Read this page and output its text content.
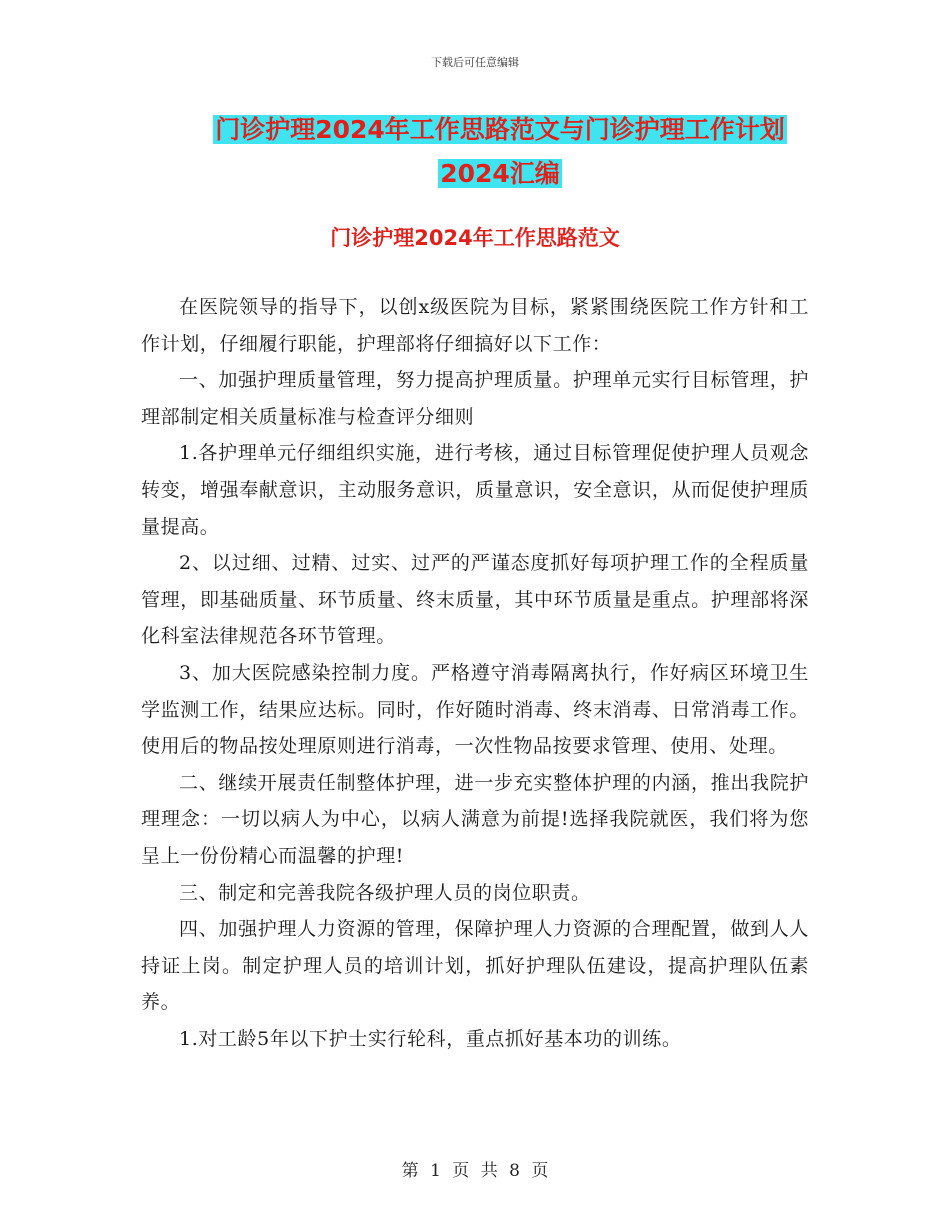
下载后可任意编辑
门诊护理2024年工作思路范文与门诊护理工作计划
2024汇编
门诊护理2024年工作思路范文

在医院领导的指导下，以创x级医院为目标，紧紧围绕医院工作方针和工作计划，仔细履行职能，护理部将仔细搞好以下工作：

一、加强护理质量管理，努力提高护理质量。护理单元实行目标管理，护理部制定相关质量标准与检查评分细则

1.各护理单元仔细组织实施，进行考核，通过目标管理促使护理人员观念转变，增强奉献意识，主动服务意识，质量意识，安全意识，从而促使护理质量提高。

2、以过细、过精、过实、过严的严谨态度抓好每项护理工作的全程质量管理，即基础质量、环节质量、终末质量，其中环节质量是重点。护理部将深化科室法律规范各环节管理。

3、加大医院感染控制力度。严格遵守消毒隔离执行，作好病区环境卫生学监测工作，结果应达标。同时，作好随时消毒、终末消毒、日常消毒工作。使用后的物品按处理原则进行消毒，一次性物品按要求管理、使用、处理。

二、继续开展责任制整体护理，进一步充实整体护理的内涵，推出我院护理理念：一切以病人为中心，以病人满意为前提!选择我院就医，我们将为您呈上一份份精心而温馨的护理!

三、制定和完善我院各级护理人员的岗位职责。

四、加强护理人力资源的管理，保障护理人力资源的合理配置，做到人人持证上岗。制定护理人员的培训计划，抓好护理队伍建设，提高护理队伍素养。

1.对工龄5年以下护士实行轮科，重点抓好基本功的训练。

第 1 页 共 8 页
